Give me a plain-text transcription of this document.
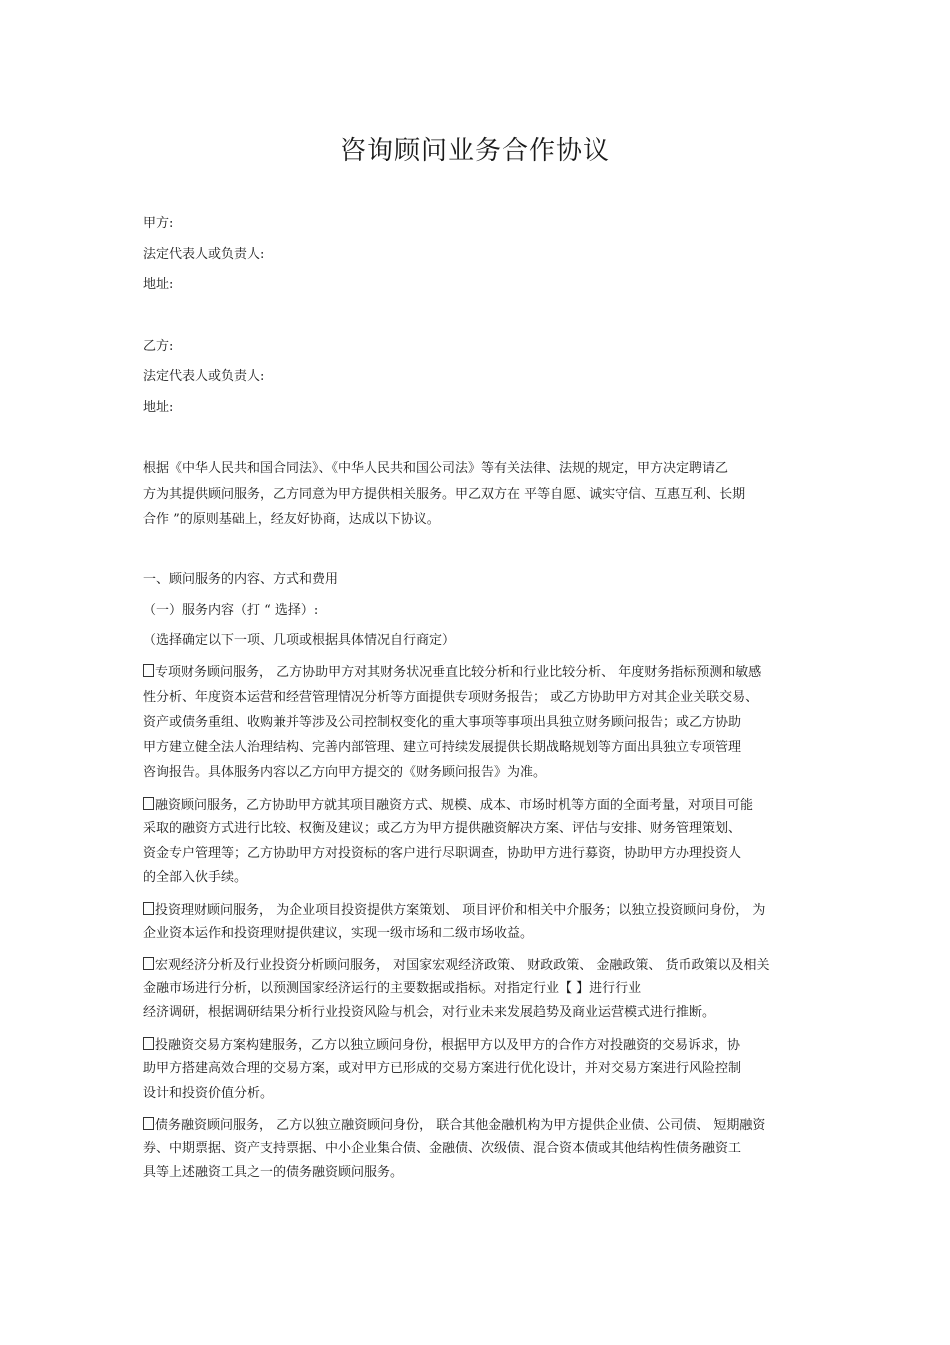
咨询顾问业务合作协议
甲方:
法定代表人或负责人:
地址:
乙方:
法定代表人或负责人:
地址:
根据《中华人民共和国合同法》、《中华人民共和国公司法》等有关法律、法规的规定，甲方决定聘请乙
方为其提供顾问服务，乙方同意为甲方提供相关服务。甲乙双方在 平等自愿、诚实守信、互惠互利、长期
合作 ”的原则基础上，经友好协商，达成以下协议。
一、顾问服务的内容、方式和费用
（一）服务内容（打 “ 选择）:
（选择确定以下一项、几项或根据具体情况自行商定）
专项财务顾问服务， 乙方协助甲方对其财务状况垂直比较分析和行业比较分析、 年度财务指标预测和敏感
性分析、年度资本运营和经营管理情况分析等方面提供专项财务报告； 或乙方协助甲方对其企业关联交易、
资产或债务重组、收购兼并等涉及公司控制权变化的重大事项等事项出具独立财务顾问报告；或乙方协助
甲方建立健全法人治理结构、完善内部管理、建立可持续发展提供长期战略规划等方面出具独立专项管理
咨询报告。具体服务内容以乙方向甲方提交的《财务顾问报告》为准。
融资顾问服务，乙方协助甲方就其项目融资方式、规模、成本、市场时机等方面的全面考量，对项目可能
采取的融资方式进行比较、权衡及建议；或乙方为甲方提供融资解决方案、评估与安排、财务管理策划、
资金专户管理等；乙方协助甲方对投资标的客户进行尽职调查，协助甲方进行募资，协助甲方办理投资人
的全部入伙手续。
投资理财顾问服务， 为企业项目投资提供方案策划、 项目评价和相关中介服务；以独立投资顾问身份， 为
企业资本运作和投资理财提供建议，实现一级市场和二级市场收益。
宏观经济分析及行业投资分析顾问服务， 对国家宏观经济政策、 财政政策、 金融政策、 货币政策以及相关
金融市场进行分析，以预测国家经济运行的主要数据或指标。对指定行业【 】进行行业
经济调研，根据调研结果分析行业投资风险与机会，对行业未来发展趋势及商业运营模式进行推断。
投融资交易方案构建服务，乙方以独立顾问身份，根据甲方以及甲方的合作方对投融资的交易诉求，协
助甲方搭建高效合理的交易方案，或对甲方已形成的交易方案进行优化设计，并对交易方案进行风险控制
设计和投资价值分析。
债务融资顾问服务， 乙方以独立融资顾问身份， 联合其他金融机构为甲方提供企业债、公司债、 短期融资
券、中期票据、资产支持票据、中小企业集合债、金融债、次级债、混合资本债或其他结构性债务融资工
具等上述融资工具之一的债务融资顾问服务。
